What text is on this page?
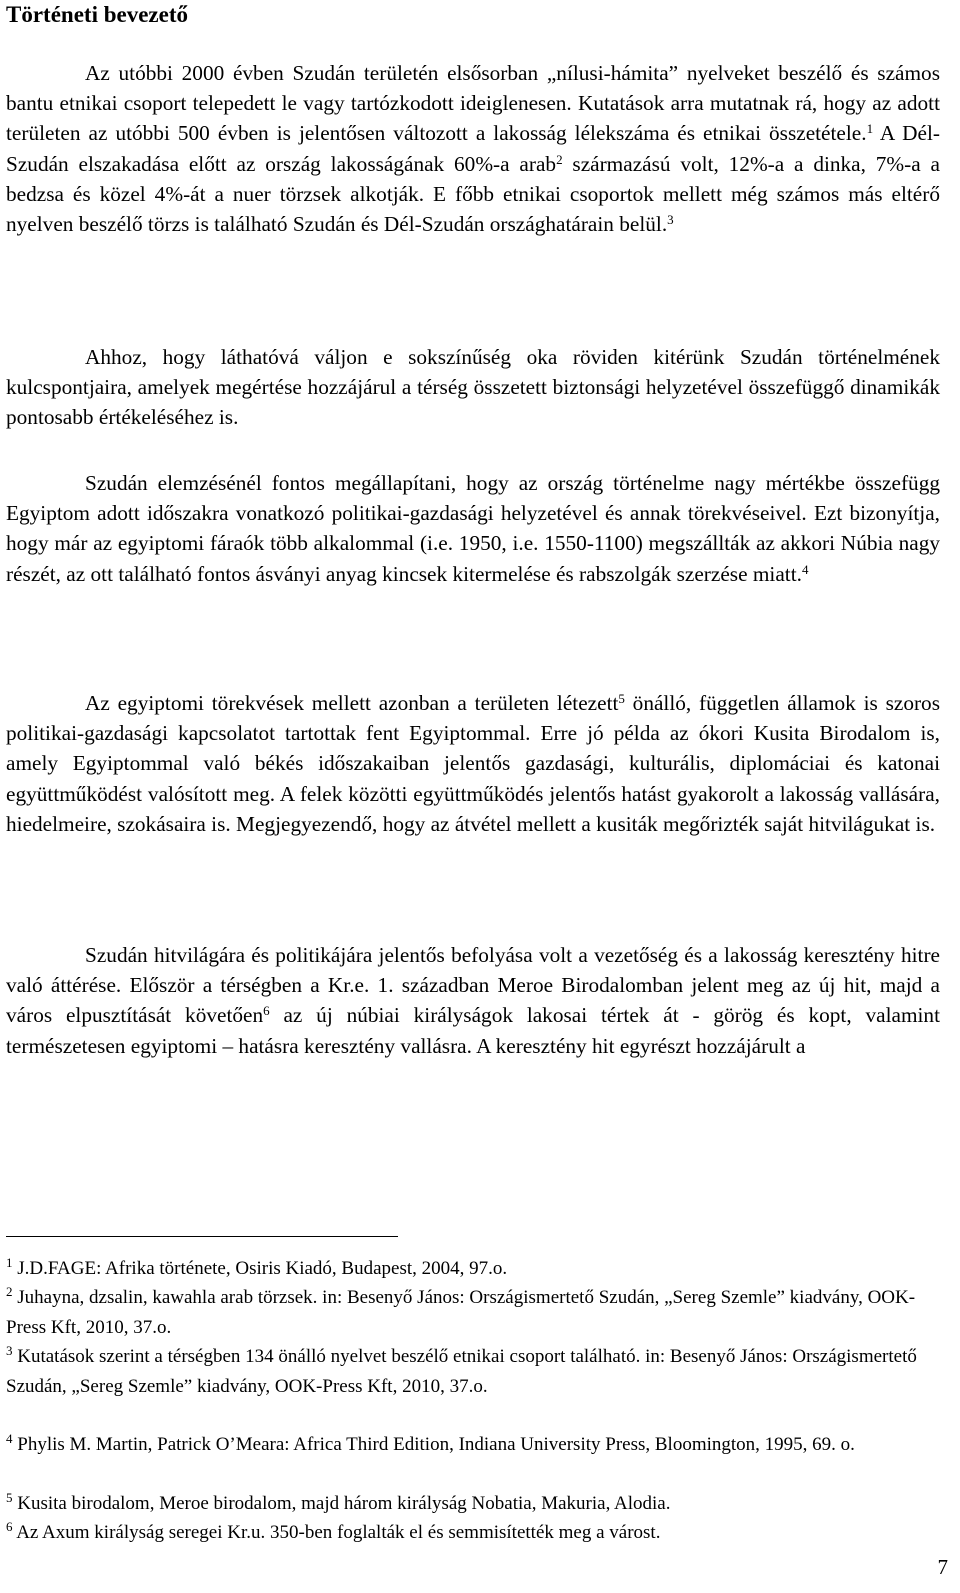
Történeti bevezető

Az utóbbi 2000 évben Szudán területén elsősorban „nílusi-hámita” nyelveket beszélő és számos bantu etnikai csoport telepedett le vagy tartózkodott ideiglenesen. Kutatások arra mutatnak rá, hogy az adott területen az utóbbi 500 évben is jelentősen változott a lakosság lélekszáma és etnikai összetétele.$^1$ A Dél-Szudán elszakadása előtt az ország lakosságának 60%-a arab$^2$ származású volt, 12%-a a dinka, 7%-a a bedzsa és közel 4%-át a nuer törzsek alkotják. E főbb etnikai csoportok mellett még számos más eltérő nyelven beszélő törzs is található Szudán és Dél-Szudán országhatárain belül.$^3$

Ahhoz, hogy láthatóvá váljon e sokszínűség oka röviden kitérünk Szudán történelmének kulcspontjaira, amelyek megértése hozzájárul a térség összetett biztonsági helyzetével összefüggő dinamikák pontosabb értékeléséhez is.

Szudán elemzésénél fontos megállapítani, hogy az ország történelme nagy mértékbe összefügg Egyiptom adott időszakra vonatkozó politikai-gazdasági helyzetével és annak törekvéseivel. Ezt bizonyítja, hogy már az egyiptomi fáraók több alkalommal (i.e. 1950, i.e. 1550-1100) megszállták az akkori Núbia nagy részét, az ott található fontos ásványi anyag kincsek kitermelése és rabszolgák szerzése miatt.$^4$

Az egyiptomi törekvések mellett azonban a területen létezett$^5$ önálló, független államok is szoros politikai-gazdasági kapcsolatot tartottak fent Egyiptommal. Erre jó példa az ókori Kusita Birodalom is, amely Egyiptommal való békés időszakaiban jelentős gazdasági, kulturális, diplomáciai és katonai együttműködést valósított meg. A felek közötti együttműködés jelentős hatást gyakorolt a lakosság vallására, hiedelmeire, szokásaira is. Megjegyezendő, hogy az átvétel mellett a kusiták megőrizték saját hitvilágukat is.

Szudán hitvilágára és politikájára jelentős befolyása volt a vezetőség és a lakosság keresztény hitre való áttérése. Először a térségben a Kr.e. 1. században Meroe Birodalomban jelent meg az új hit, majd a város elpusztítását követően$^6$ az új núbiai királyságok lakosai tértek át - görög és kopt, valamint természetesen egyiptomi – hatásra keresztény vallásra. A keresztény hit egyrészt hozzájárult a

$^1$ J.D.FAGE: Afrika története, Osiris Kiadó, Budapest, 2004, 97.o.

$^2$ Juhayna, dzsalin, kawahla arab törzsek. in: Besenyő János: Országismertető Szudán, „Sereg Szemle” kiadvány, OOK-Press Kft, 2010, 37.o.

$^3$ Kutatások szerint a térségben 134 önálló nyelvet beszélő etnikai csoport található. in: Besenyő János: Országismertető Szudán, „Sereg Szemle” kiadvány, OOK-Press Kft, 2010, 37.o.

$^4$ Phylis M. Martin, Patrick O’Meara: Africa Third Edition, Indiana University Press, Bloomington, 1995, 69. o.

$^5$ Kusita birodalom, Meroe birodalom, majd három királyság Nobatia, Makuria, Alodia.

$^6$ Az Axum királyság seregei Kr.u. 350-ben foglalták el és semmisítették meg a várost.

7
